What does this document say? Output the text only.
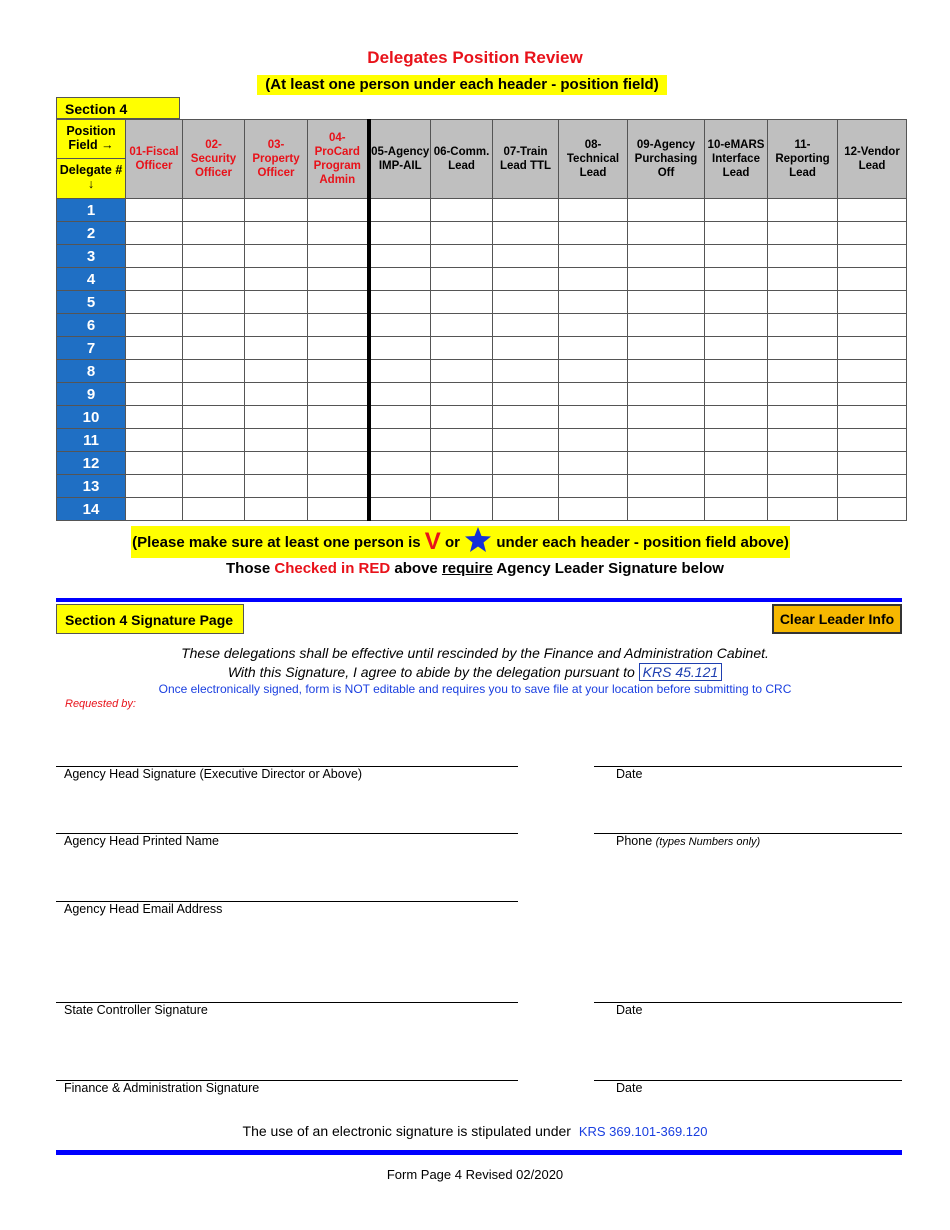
Delegates Position Review
(At least one person under each header - position field)
Section 4
Position Field →
Delegate # ↓	01-Fiscal Officer	02-Security Officer	03-Property Officer	04-ProCard Program Admin	05-Agency IMP-AIL	06-Comm. Lead	07-Train Lead TTL	08-Technical Lead	09-Agency Purchasing Off	10-eMARS Interface Lead	11-Reporting Lead	12-Vendor Lead
1												
2												
3												
4												
5												
6												
7												
8												
9												
10												
11												
12												
13												
14												
(Please make sure at least one person is V or under each header - position field above)
Those Checked in RED above require Agency Leader Signature below
Section 4 Signature Page	Clear Leader Info
These delegations shall be effective until rescinded by the Finance and Administration Cabinet.
With this Signature, I agree to abide by the delegation pursuant to KRS 45.121
Once electronically signed, form is NOT editable and requires you to save file at your location before submitting to CRC
Requested by:
Agency Head Signature (Executive Director or Above)	Date
Agency Head Printed Name	Phone (types Numbers only)
Agency Head Email Address
State Controller Signature	Date
Finance & Administration Signature	Date
The use of an electronic signature is stipulated under KRS 369.101-369.120
Form Page 4 Revised 02/2020
